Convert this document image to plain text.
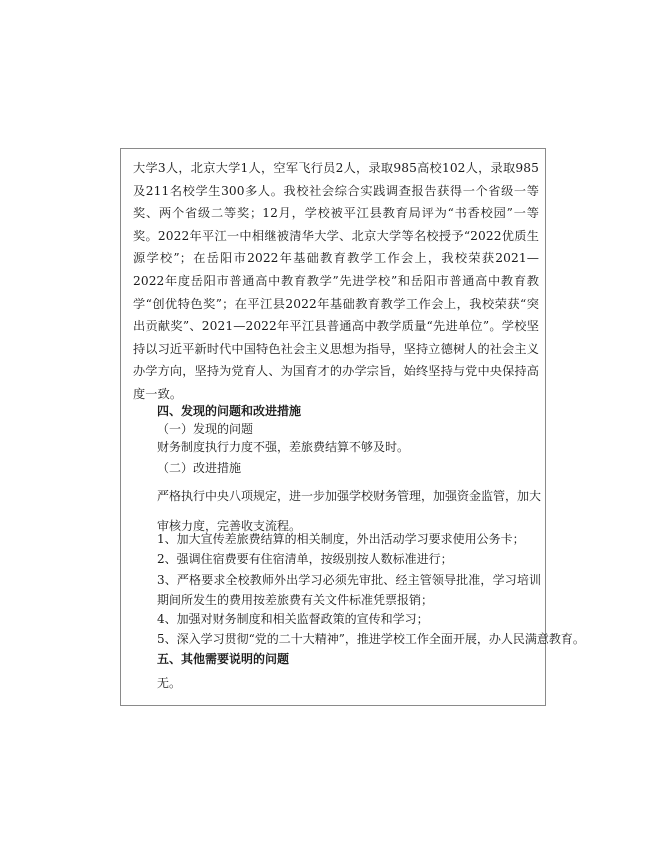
大学3人，北京大学1人，空军飞行员2人，录取985高校102人，录取985及211名校学生300多人。我校社会综合实践调查报告获得一个省级一等奖、两个省级二等奖；12月，学校被平江县教育局评为“书香校园”一等奖。2022年平江一中相继被清华大学、北京大学等名校授予“2022优质生源学校”；在岳阳市2022年基础教育教学工作会上，我校荣获2021—2022年度岳阳市普通高中教育教学”先进学校”和岳阳市普通高中教育教学“创优特色奖”；在平江县2022年基础教育教学工作会上，我校荣获“突出贡献奖”、2021—2022年平江县普通高中教学质量“先进单位”。学校坚持以习近平新时代中国特色社会主义思想为指导，坚持立德树人的社会主义办学方向，坚持为党育人、为国育才的办学宗旨，始终坚持与党中央保持高度一致。

四、发现的问题和改进措施

（一）发现的问题

财务制度执行力度不强，差旅费结算不够及时。

（二）改进措施

严格执行中央八项规定，进一步加强学校财务管理，加强资金监管，加大审核力度，完善收支流程。

1、加大宣传差旅费结算的相关制度，外出活动学习要求使用公务卡；

2、强调住宿费要有住宿清单，按级别按人数标准进行；

3、严格要求全校教师外出学习必须先审批、经主管领导批准，学习培训期间所发生的费用按差旅费有关文件标准凭票报销；

4、加强对财务制度和相关监督政策的宣传和学习；

5、深入学习贯彻“党的二十大精神”，推进学校工作全面开展，办人民满意教育。

五、其他需要说明的问题

无。
